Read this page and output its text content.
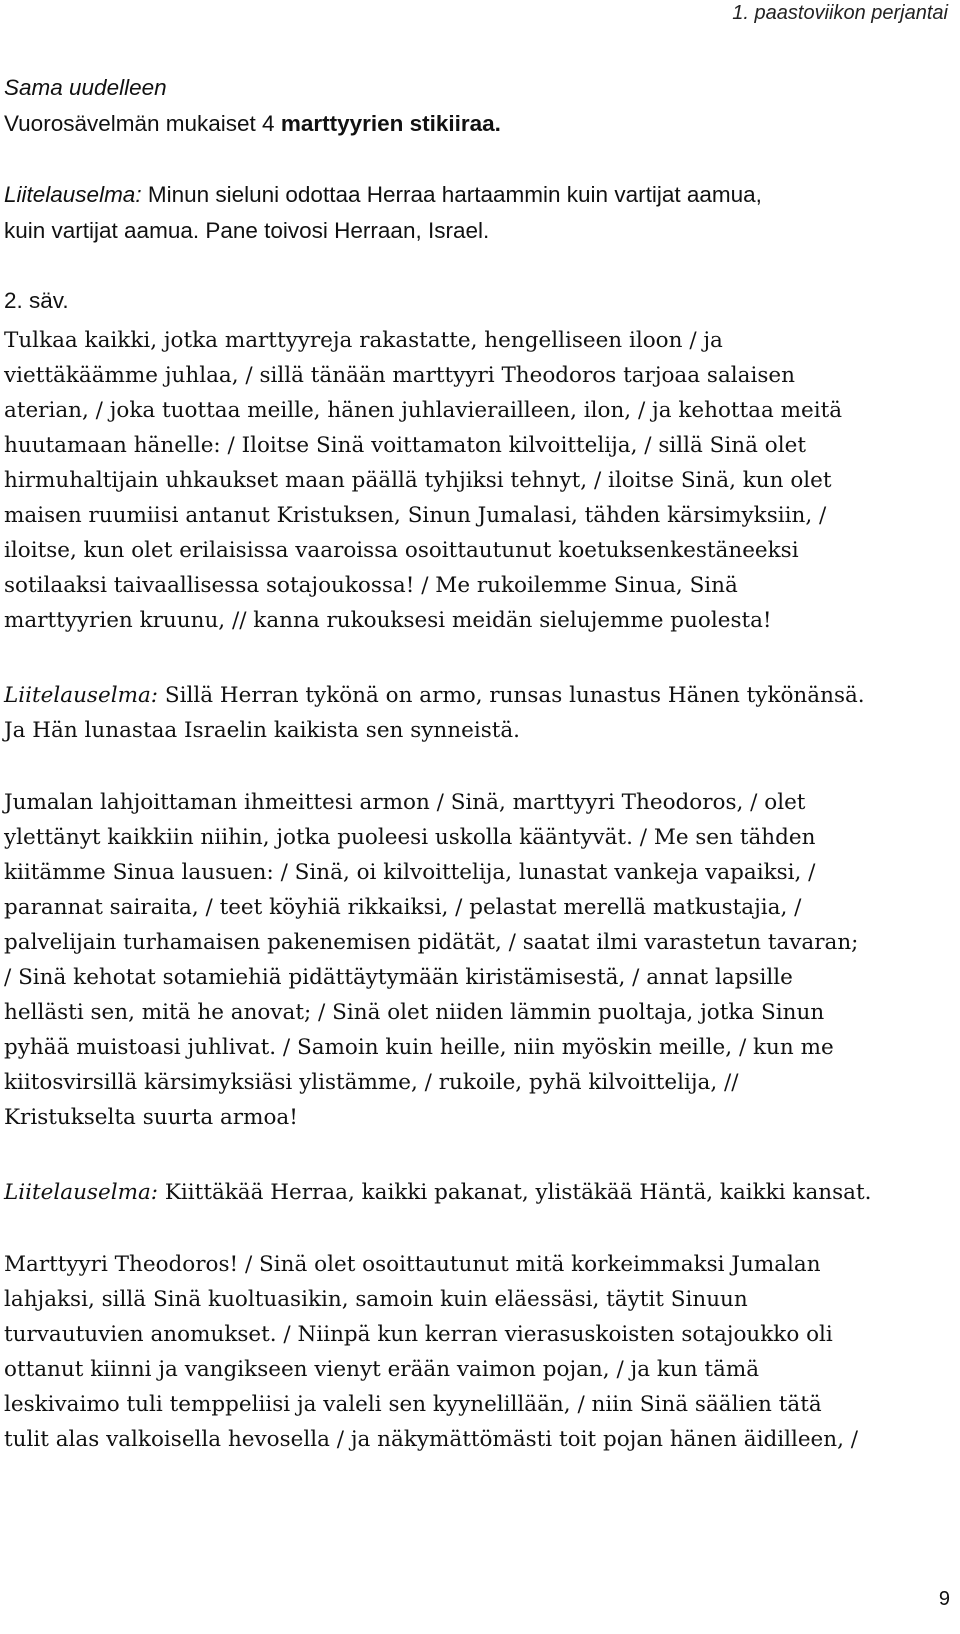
1. paastoviikon perjantai
Sama uudelleen
Vuorosävelmän mukaiset 4 marttyyrien stikiiraa.
Liitelauselma: Minun sieluni odottaa Herraa hartaammin kuin vartijat aamua,
kuin vartijat aamua. Pane toivosi Herraan, Israel.
2. säv.
Tulkaa kaikki, jotka marttyyreja rakastatte, hengelliseen iloon / ja
viettäkäämme juhlaa, / sillä tänään marttyyri Theodoros tarjoaa salaisen
aterian, / joka tuottaa meille, hänen juhlavierailleen, ilon, / ja kehottaa meitä
huutamaan hänelle: / Iloitse Sinä voittamaton kilvoittelija, / sillä Sinä olet
hirmuhaltijain uhkaukset maan päällä tyhjiksi tehnyt, / iloitse Sinä, kun olet
maisen ruumiisi antanut Kristuksen, Sinun Jumalasi, tähden kärsimyksiin, /
iloitse, kun olet erilaisissa vaaroissa osoittautunut koetuksenkestäneeksi
sotilaaksi taivaallisessa sotajoukossa! / Me rukoilemme Sinua, Sinä
marttyyrien kruunu, // kanna rukouksesi meidän sielujemme puolesta!
Liitelauselma: Sillä Herran tykönä on armo, runsas lunastus Hänen tykönänsä.
Ja Hän lunastaa Israelin kaikista sen synneistä.
Jumalan lahjoittaman ihmeittesi armon / Sinä, marttyyri Theodoros, / olet
ylettänyt kaikkiin niihin, jotka puoleesi uskolla kääntyvät. / Me sen tähden
kiitämme Sinua lausuen: / Sinä, oi kilvoittelija, lunastat vankeja vapaiksi, /
parannat sairaita, / teet köyhiä rikkaiksi, / pelastat merellä matkustajia, /
palvelijain turhamaisen pakenemisen pidätät, / saatat ilmi varastetun tavaran;
/ Sinä kehotat sotamiehiä pidättäytymään kiristämisestä, / annat lapsille
hellästi sen, mitä he anovat; / Sinä olet niiden lämmin puoltaja, jotka Sinun
pyhää muistoasi juhlivat. / Samoin kuin heille, niin myöskin meille, / kun me
kiitosvirsillä kärsimyksiäsi ylistämme, / rukoile, pyhä kilvoittelija, //
Kristukselta suurta armoa!
Liitelauselma: Kiittäkää Herraa, kaikki pakanat, ylistäkää Häntä, kaikki kansat.
Marttyyri Theodoros! / Sinä olet osoittautunut mitä korkeimmaksi Jumalan
lahjaksi, sillä Sinä kuoltuasikin, samoin kuin eläessäsi, täytit Sinuun
turvautuvien anomukset. / Niinpä kun kerran vierasuskoisten sotajoukko oli
ottanut kiinni ja vangikseen vienyt erään vaimon pojan, / ja kun tämä
leskivaimo tuli temppeliisi ja valeli sen kyynelillään, / niin Sinä säälien tätä
tulit alas valkoisella hevosella / ja näkymättömästi toit pojan hänen äidilleen, /
9
